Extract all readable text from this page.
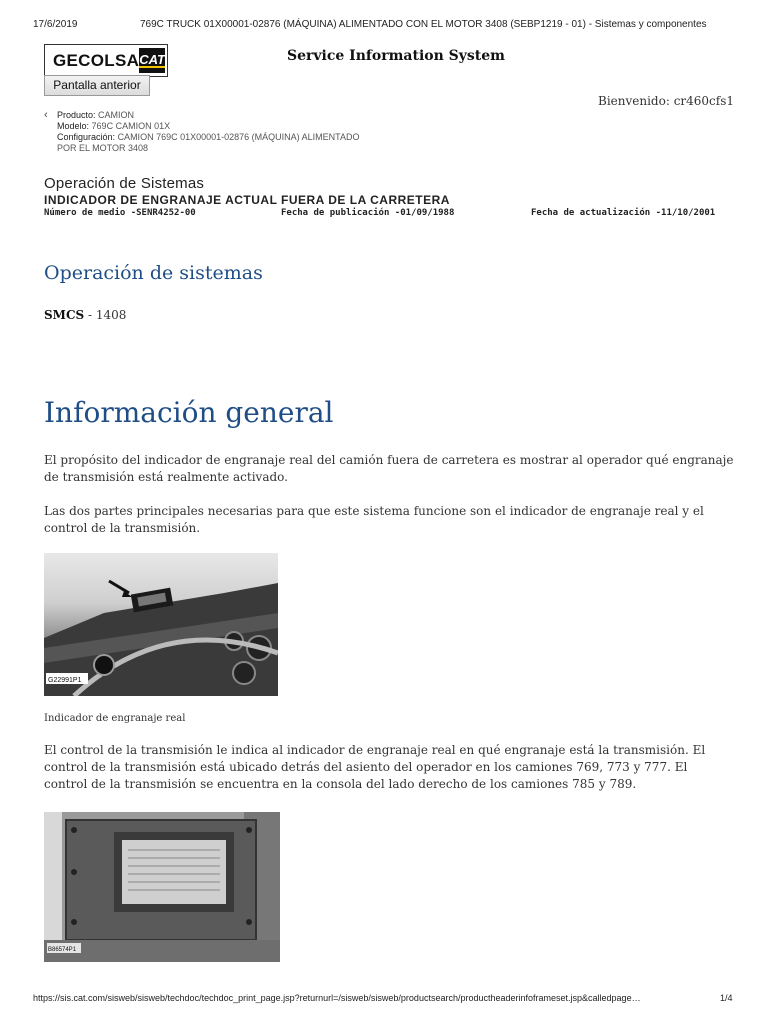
17/6/2019	769C TRUCK 01X00001-02876 (MÁQUINA) ALIMENTADO CON EL MOTOR 3408 (SEBP1219 - 01) - Sistemas y componentes
GECOLSA CAT	Service Information System
Pantalla anterior
Bienvenido: cr460cfs1
‹ Producto: CAMION
Modelo: 769C CAMION 01X
Configuración: CAMION 769C 01X00001-02876 (MÁQUINA) ALIMENTADO
POR EL MOTOR 3408
Operación de Sistemas
INDICADOR DE ENGRANAJE ACTUAL FUERA DE LA CARRETERA
Número de medio -SENR4252-00	Fecha de publicación -01/09/1988	Fecha de actualización -11/10/2001
Operación de sistemas
SMCS - 1408
Información general
El propósito del indicador de engranaje real del camión fuera de carretera es mostrar al operador qué engranaje de transmisión está realmente activado.
Las dos partes principales necesarias para que este sistema funcione son el indicador de engranaje real y el control de la transmisión.
G22991P1
Indicador de engranaje real
El control de la transmisión le indica al indicador de engranaje real en qué engranaje está la transmisión. El control de la transmisión está ubicado detrás del asiento del operador en los camiones 769, 773 y 777. El control de la transmisión se encuentra en la consola del lado derecho de los camiones 785 y 789.
B86574P1
https://sis.cat.com/sisweb/sisweb/techdoc/techdoc_print_page.jsp?returnurl=/sisweb/sisweb/productsearch/productheaderinfoframeset.jsp&calledpage…	1/4
